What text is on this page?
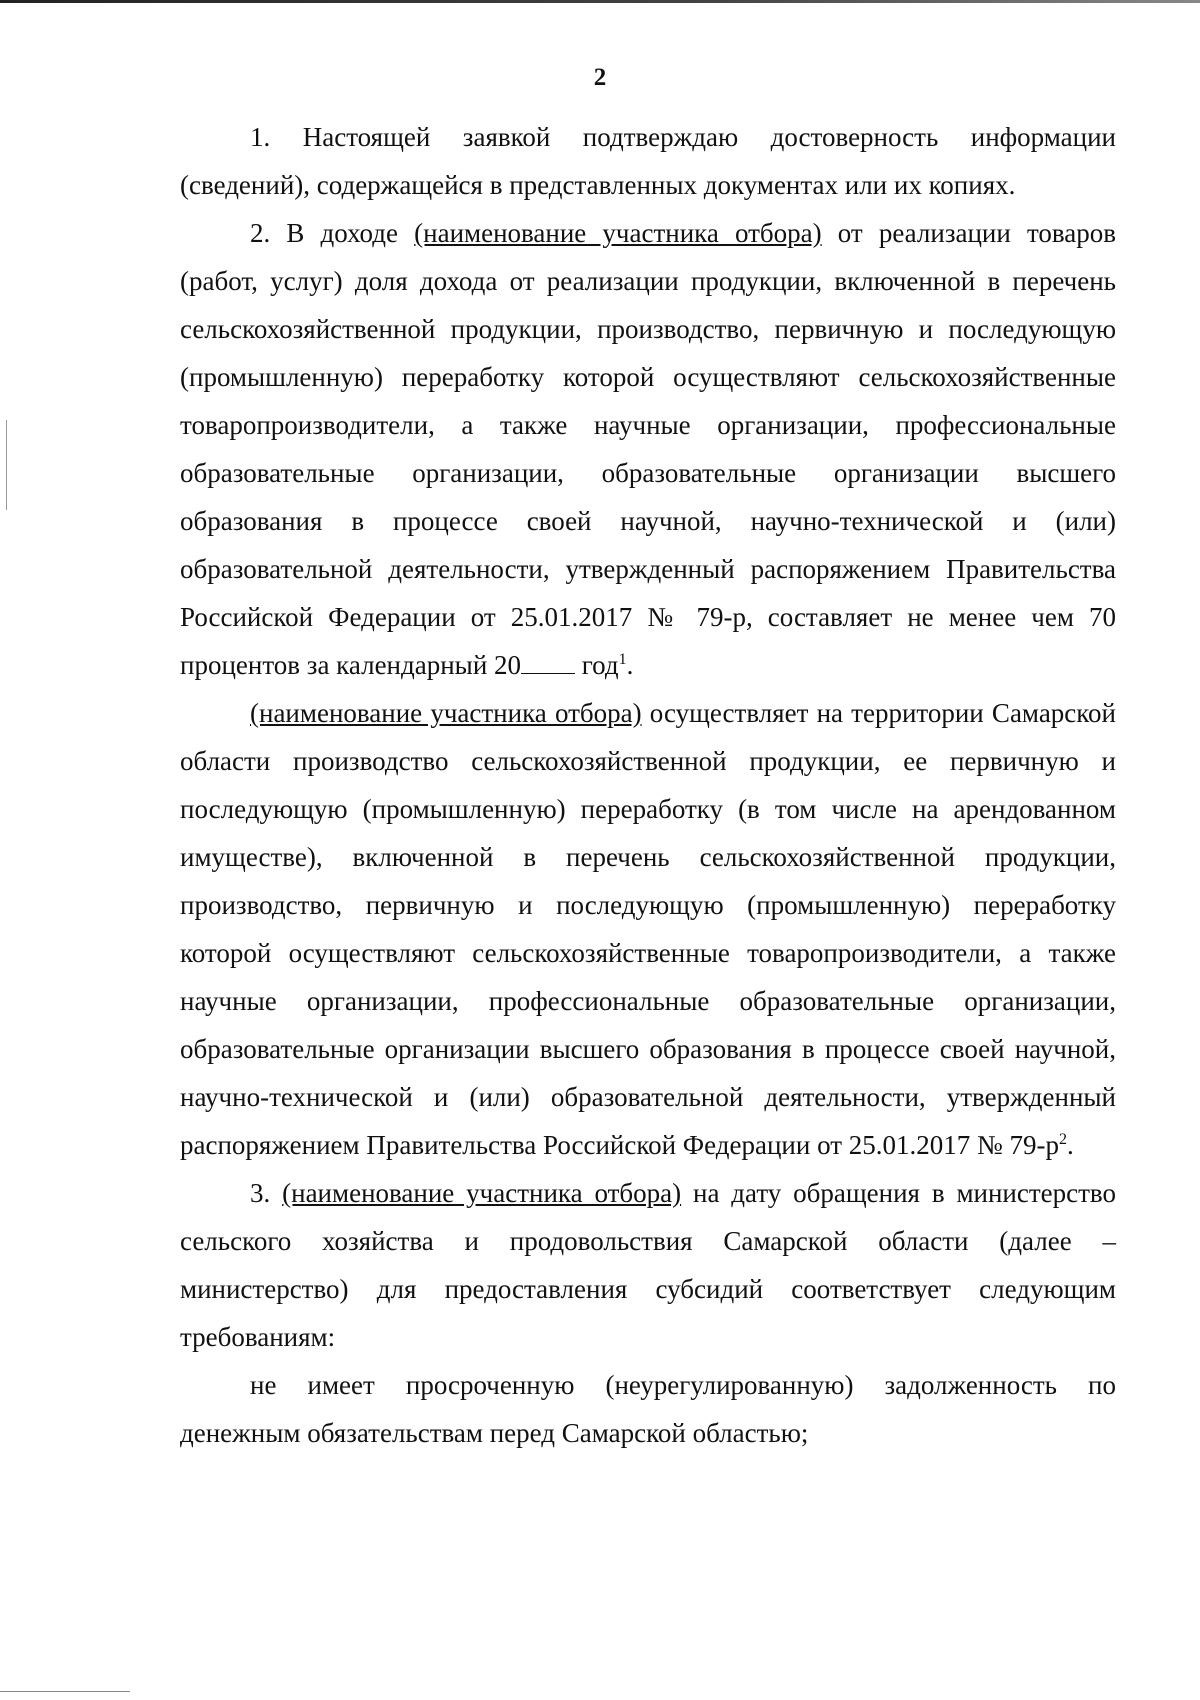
2

1. Настоящей заявкой подтверждаю достоверность информации (сведений), содержащейся в представленных документах или их копиях.

2. В доходе (наименование участника отбора) от реализации товаров (работ, услуг) доля дохода от реализации продукции, включенной в перечень сельскохозяйственной продукции, производство, первичную и последующую (промышленную) переработку которой осуществляют сельскохозяйственные товаропроизводители, а также научные организации, профессиональные образовательные организации, образовательные организации высшего образования в процессе своей научной, научно-технической и (или) образовательной деятельности, утвержденный распоряжением Правительства Российской Федерации от 25.01.2017 № 79-р, составляет не менее чем 70 процентов за календарный 20 год$^1$.

(наименование участника отбора) осуществляет на территории Самарской области производство сельскохозяйственной продукции, ее первичную и последующую (промышленную) переработку (в том числе на арендованном имуществе), включенной в перечень сельскохозяйственной продукции, производство, первичную и последующую (промышленную) переработку которой осуществляют сельскохозяйственные товаропроизводители, а также научные организации, профессиональные образовательные организации, образовательные организации высшего образования в процессе своей научной, научно-технической и (или) образовательной деятельности, утвержденный распоряжением Правительства Российской Федерации от 25.01.2017 № $79-р^2$.

3. (наименование участника отбора) на дату обращения в министерство сельского хозяйства и продовольствия Самарской области (далее – министерство) для предоставления субсидий соответствует следующим требованиям:

не имеет просроченную (неурегулированную) задолженность по денежным обязательствам перед Самарской областью;
